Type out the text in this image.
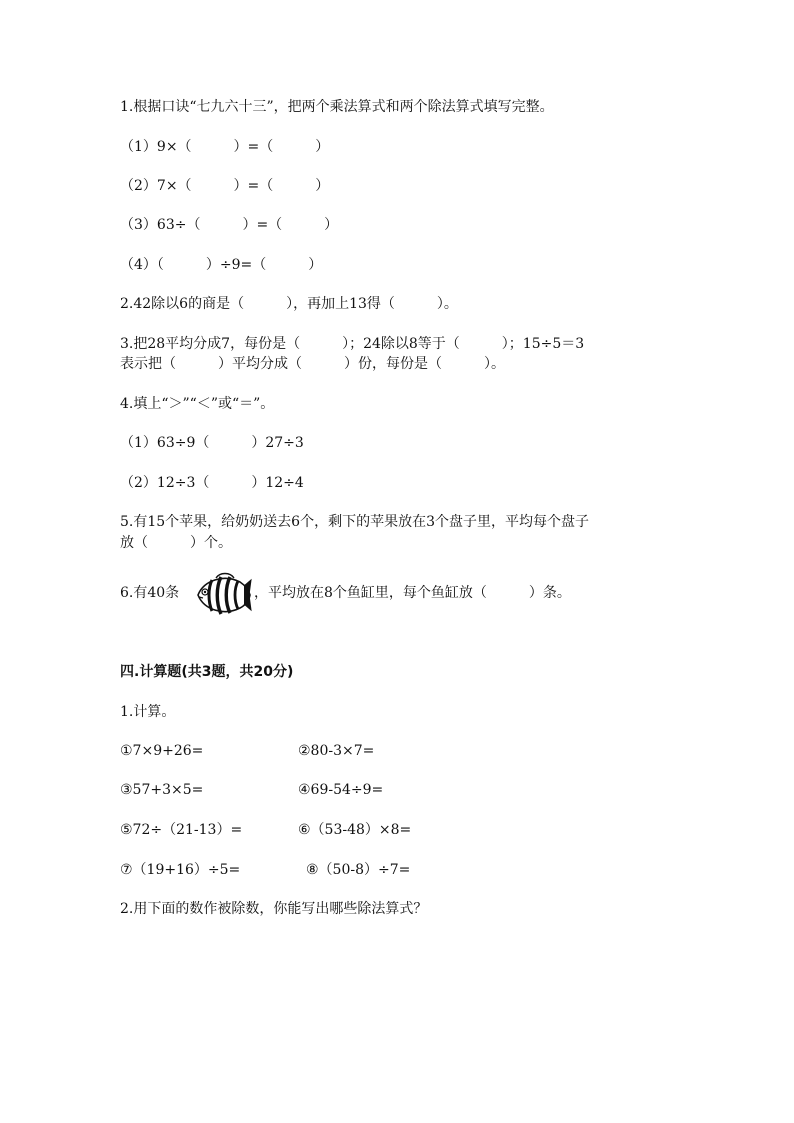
1.根据口诀“七九六十三”，把两个乘法算式和两个除法算式填写完整。
（1）9×（　　　）=（　　　）
（2）7×（　　　）=（　　　）
（3）63÷（　　　）=（　　　）
（4）（　　　）÷9=（　　　）
2.42除以6的商是（　　　），再加上13得（　　　）。
3.把28平均分成7，每份是（　　　）；24除以8等于（　　　）；15÷5＝3
表示把（　　　）平均分成（　　　）份，每份是（　　　）。
4.填上“＞”“＜”或“＝”。
（1）63÷9（　　　）27÷3
（2）12÷3（　　　）12÷4
5.有15个苹果，给奶奶送去6个，剩下的苹果放在3个盘子里，平均每个盘子
放（　　　）个。
6.有40条	，平均放在8个鱼缸里，每个鱼缸放（　　　）条。
四.计算题(共3题，共20分)
1.计算。
①7×9+26=	②80-3×7=
③57+3×5=	④69-54÷9=
⑤72÷（21-13）=	⑥（53-48）×8=
⑦（19+16）÷5=	⑧（50-8）÷7=
2.用下面的数作被除数，你能写出哪些除法算式？
